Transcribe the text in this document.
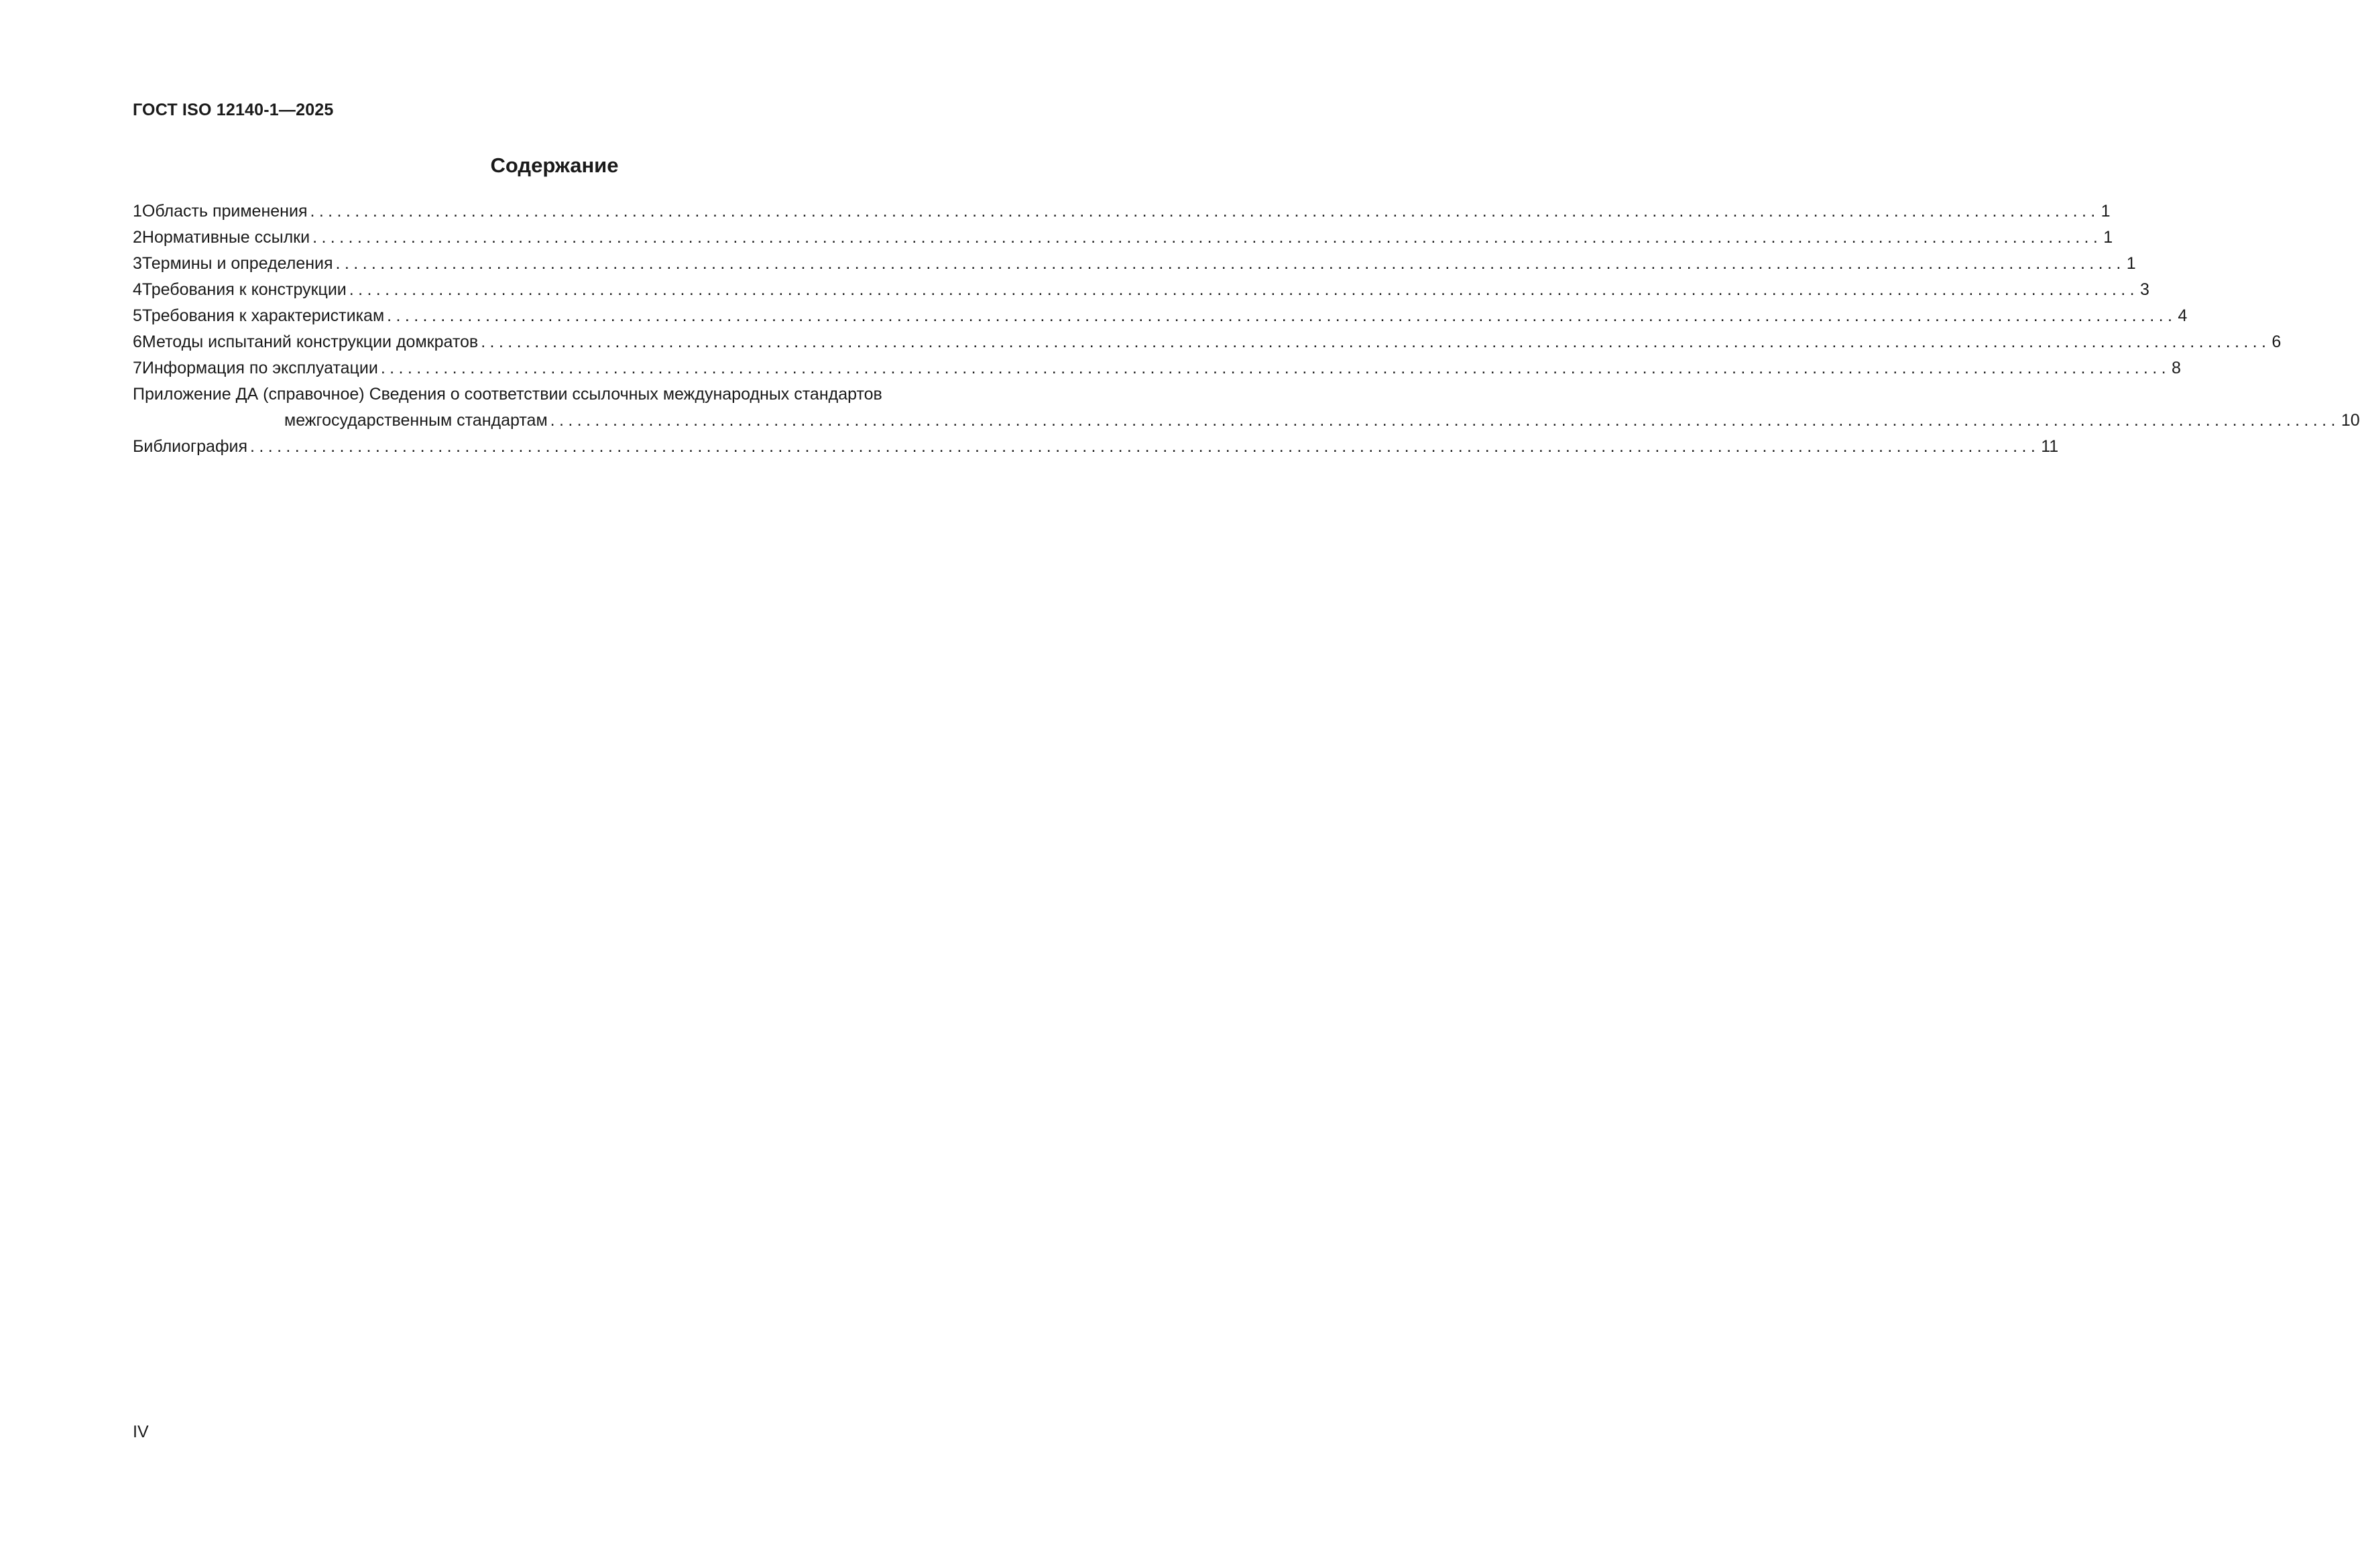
ГОСТ ISO 12140-1—2025
Содержание
1 Область применения ........................................................................................................................................................................................................ 1
2 Нормативные ссылки ........................................................................................................................................................................................................ 1
3 Термины и определения ........................................................................................................................................................................................................ 1
4 Требования к конструкции ........................................................................................................................................................................................................ 3
5 Требования к характеристикам ........................................................................................................................................................................................................ 4
6 Методы испытаний конструкции домкратов ........................................................................................................................................................................................................ 6
7 Информация по эксплуатации ........................................................................................................................................................................................................ 8
Приложение ДА (справочное) Сведения о соответствии ссылочных международных стандартов
межгосударственным стандартам ........................................................................................................................................................................................................ 10
Библиография ........................................................................................................................................................................................................ 11
IV
